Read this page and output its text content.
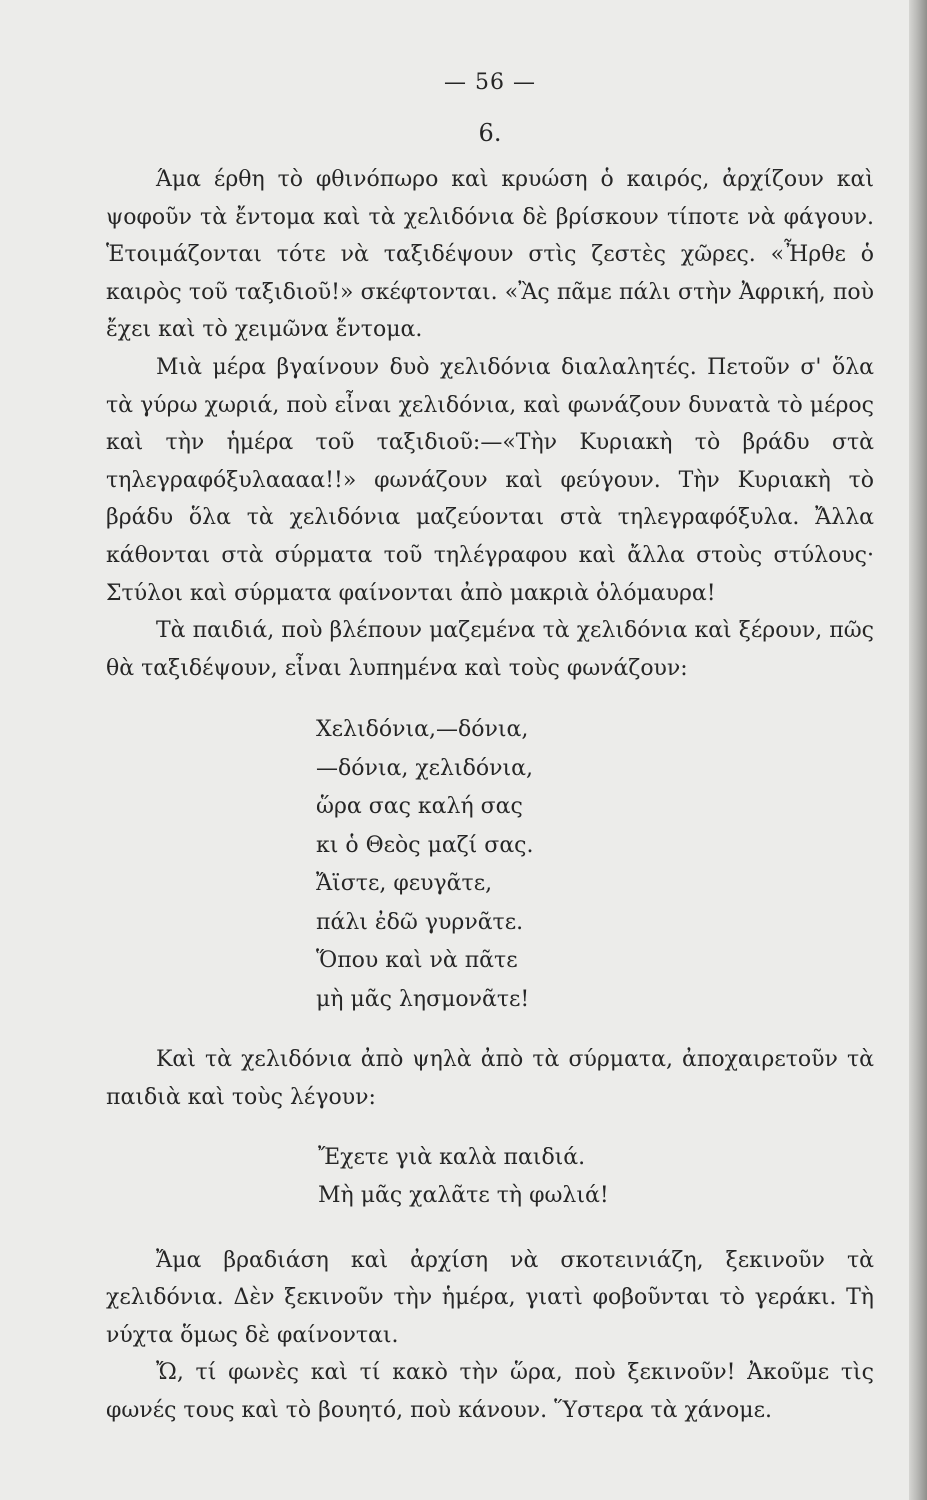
— 56 —
6.

Άμα έρθη τὸ φθινόπωρο καὶ κρυώση ὁ καιρός, ἀρχίζουν καὶ ψοφοῦν τὰ ἔντομα καὶ τὰ χελιδόνια δὲ βρίσκουν τίποτε νὰ φάγουν. Ἑτοιμάζονται τότε νὰ ταξιδέψουν στὶς ζεστὲς χῶρες. «Ἦρθε ὁ καιρὸς τοῦ ταξιδιοῦ!» σκέφτονται. «Ἂς πᾶμε πάλι στὴν Ἀφρική, ποὺ ἔχει καὶ τὸ χειμῶνα ἔντομα.

Μιὰ μέρα βγαίνουν δυὸ χελιδόνια διαλαλητές. Πετοῦν σ' ὅλα τὰ γύρω χωριά, ποὺ εἶναι χελιδόνια, καὶ φωνάζουν δυνατὰ τὸ μέρος καὶ τὴν ἡμέρα τοῦ ταξιδιοῦ:—«Τὴν Κυριακὴ τὸ βράδυ στὰ τηλεγραφόξυλαααα!!» φωνάζουν καὶ φεύγουν. Τὴν Κυριακὴ τὸ βράδυ ὅλα τὰ χελιδόνια μαζεύονται στὰ τηλεγραφόξυλα. Ἄλλα κάθονται στὰ σύρματα τοῦ τηλέγραφου καὶ ἄλλα στοὺς στύλους· Στύλοι καὶ σύρματα φαίνονται ἀπὸ μακριὰ ὁλόμαυρα!

Τὰ παιδιά, ποὺ βλέπουν μαζεμένα τὰ χελιδόνια καὶ ξέρουν, πῶς θὰ ταξιδέψουν, εἶναι λυπημένα καὶ τοὺς φωνάζουν:

Χελιδόνια,—δόνια,
—δόνια, χελιδόνια,
ὥρα σας καλή σας
κι ὁ Θεὸς μαζί σας.
Ἄϊστε, φευγᾶτε,
πάλι ἐδῶ γυρνᾶτε.
Ὅπου καὶ νὰ πᾶτε
μὴ μᾶς λησμονᾶτε!

Καὶ τὰ χελιδόνια ἀπὸ ψηλὰ ἀπὸ τὰ σύρματα, ἀποχαιρετοῦν τὰ παιδιὰ καὶ τοὺς λέγουν:

Ἔχετε γιὰ καλὰ παιδιά.
Μὴ μᾶς χαλᾶτε τὴ φωλιά!

Ἄμα βραδιάση καὶ ἀρχίση νὰ σκοτεινιάζη, ξεκινοῦν τὰ χελιδόνια. Δὲν ξεκινοῦν τὴν ἡμέρα, γιατὶ φοβοῦνται τὸ γεράκι. Τὴ νύχτα ὅμως δὲ φαίνονται.

Ὤ, τί φωνὲς καὶ τί κακὸ τὴν ὥρα, ποὺ ξεκινοῦν! Ἀκοῦμε τὶς φωνές τους καὶ τὸ βουητό, ποὺ κάνουν. Ὕστερα τὰ χάνομε.
